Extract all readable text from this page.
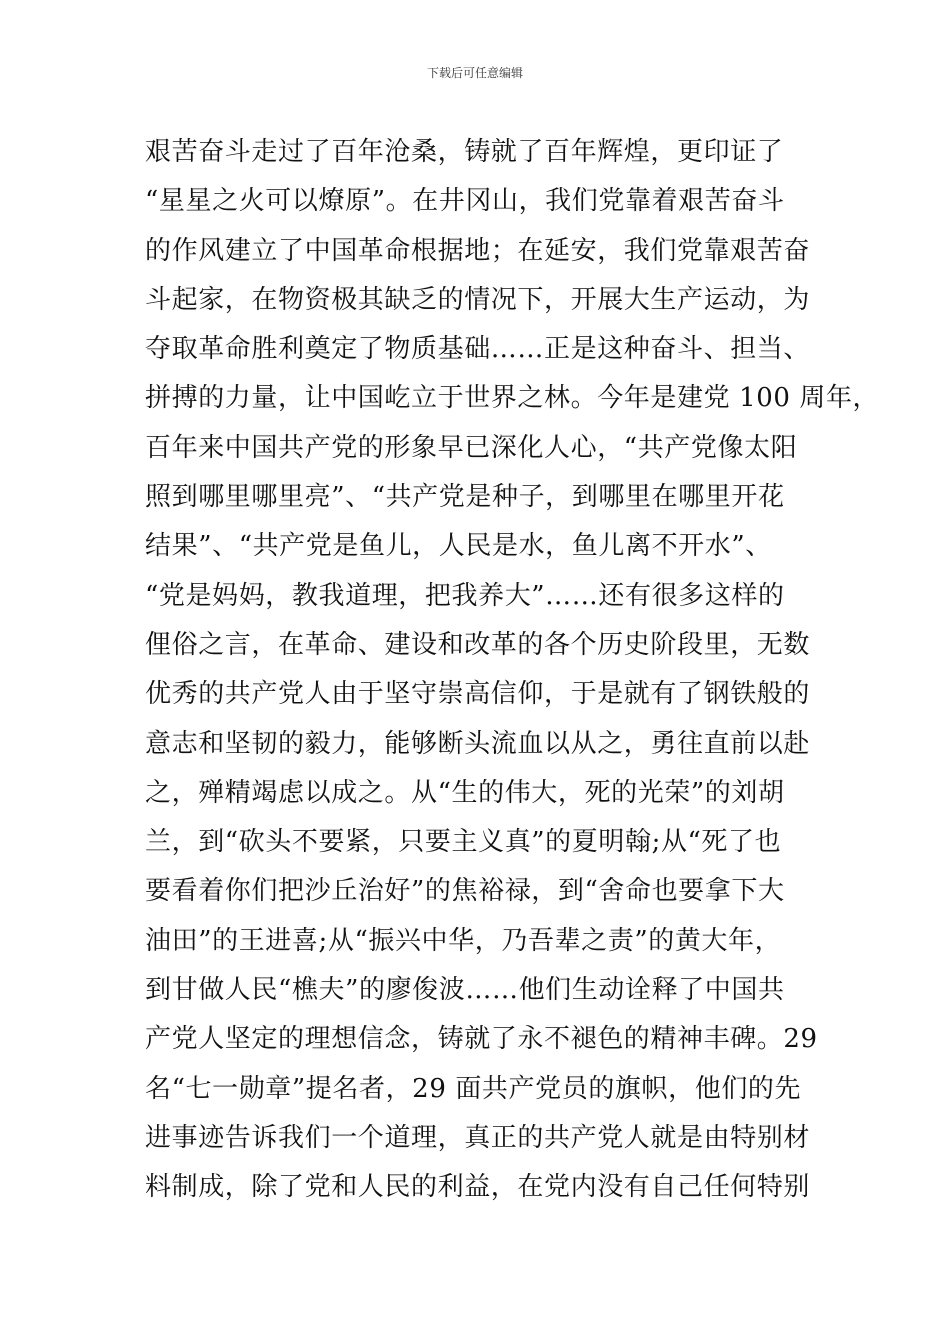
下载后可任意编辑
艰苦奋斗走过了百年沧桑，铸就了百年辉煌，更印证了
“星星之火可以燎原”。在井冈山，我们党靠着艰苦奋斗
的作风建立了中国革命根据地；在延安，我们党靠艰苦奋
斗起家，在物资极其缺乏的情况下，开展大生产运动，为
夺取革命胜利奠定了物质基础……正是这种奋斗、担当、
拼搏的力量，让中国屹立于世界之林。今年是建党 100 周年，
百年来中国共产党的形象早已深化人心，“共产党像太阳
照到哪里哪里亮”、“共产党是种子，到哪里在哪里开花
结果”、“共产党是鱼儿，人民是水，鱼儿离不开水”、
“党是妈妈，教我道理，把我养大”……还有很多这样的
俚俗之言，在革命、建设和改革的各个历史阶段里，无数
优秀的共产党人由于坚守崇高信仰，于是就有了钢铁般的
意志和坚韧的毅力，能够断头流血以从之，勇往直前以赴
之，殚精竭虑以成之。从“生的伟大，死的光荣”的刘胡
兰，到“砍头不要紧，只要主义真”的夏明翰;从“死了也
要看着你们把沙丘治好”的焦裕禄，到“舍命也要拿下大
油田”的王进喜;从“振兴中华，乃吾辈之责”的黄大年，
到甘做人民“樵夫”的廖俊波……他们生动诠释了中国共
产党人坚定的理想信念，铸就了永不褪色的精神丰碑。29
名“七一勋章”提名者，29 面共产党员的旗帜，他们的先
进事迹告诉我们一个道理，真正的共产党人就是由特别材
料制成，除了党和人民的利益，在党内没有自己任何特别
